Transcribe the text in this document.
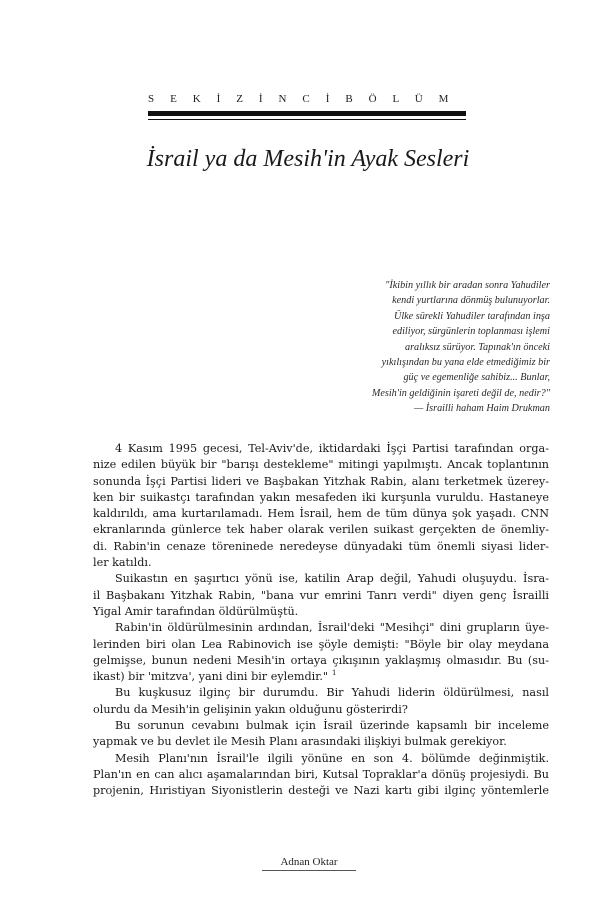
S E K İ Z İ N C İ B Ö L Ü M
İsrail ya da Mesih'in Ayak Sesleri
"İkibin yıllık bir aradan sonra Yahudiler
kendi yurtlarına dönmüş bulunuyorlar.
Ülke sürekli Yahudiler tarafından inşa
ediliyor, sürgünlerin toplanması işlemi
aralıksız sürüyor. Tapınak'ın önceki
yıkılışından bu yana elde etmediğimiz bir
güç ve egemenliğe sahibiz... Bunlar,
Mesih'in geldiğinin işareti değil de, nedir?"
— İsrailli haham Haim Drukman
4 Kasım 1995 gecesi, Tel-Aviv'de, iktidardaki İşçi Partisi tarafından orga-
nize edilen büyük bir "barışı destekleme" mitingi yapılmıştı. Ancak toplantının
sonunda İşçi Partisi lideri ve Başbakan Yitzhak Rabin, alanı terketmek üzerey-
ken bir suikastçı tarafından yakın mesafeden iki kurşunla vuruldu. Hastaneye
kaldırıldı, ama kurtarılamadı. Hem İsrail, hem de tüm dünya şok yaşadı. CNN
ekranlarında günlerce tek haber olarak verilen suikast gerçekten de önemliy-
di. Rabin'in cenaze töreninede neredeyse dünyadaki tüm önemli siyasi lider-
ler katıldı.
Suikastın en şaşırtıcı yönü ise, katilin Arap değil, Yahudi oluşuydu. İsra-
il Başbakanı Yitzhak Rabin, "bana vur emrini Tanrı verdi" diyen genç İsrailli
Yigal Amir tarafından öldürülmüştü.
Rabin'in öldürülmesinin ardından, İsrail'deki "Mesihçi" dini grupların üye-
lerinden biri olan Lea Rabinovich ise şöyle demişti: "Böyle bir olay meydana
gelmişse, bunun nedeni Mesih'in ortaya çıkışının yaklaşmış olmasıdır. Bu (su-
ikast) bir 'mitzva', yani dini bir eylemdir." $^1$
Bu kuşkusuz ilginç bir durumdu. Bir Yahudi liderin öldürülmesi, nasıl
olurdu da Mesih'in gelişinin yakın olduğunu gösterirdi?
Bu sorunun cevabını bulmak için İsrail üzerinde kapsamlı bir inceleme
yapmak ve bu devlet ile Mesih Planı arasındaki ilişkiyi bulmak gerekiyor.
Mesih Planı'nın İsrail'le ilgili yönüne en son 4. bölümde değinmiştik.
Plan'ın en can alıcı aşamalarından biri, Kutsal Topraklar'a dönüş projesiydi. Bu
projenin, Hıristiyan Siyonistlerin desteği ve Nazi kartı gibi ilginç yöntemlerle
Adnan Oktar
